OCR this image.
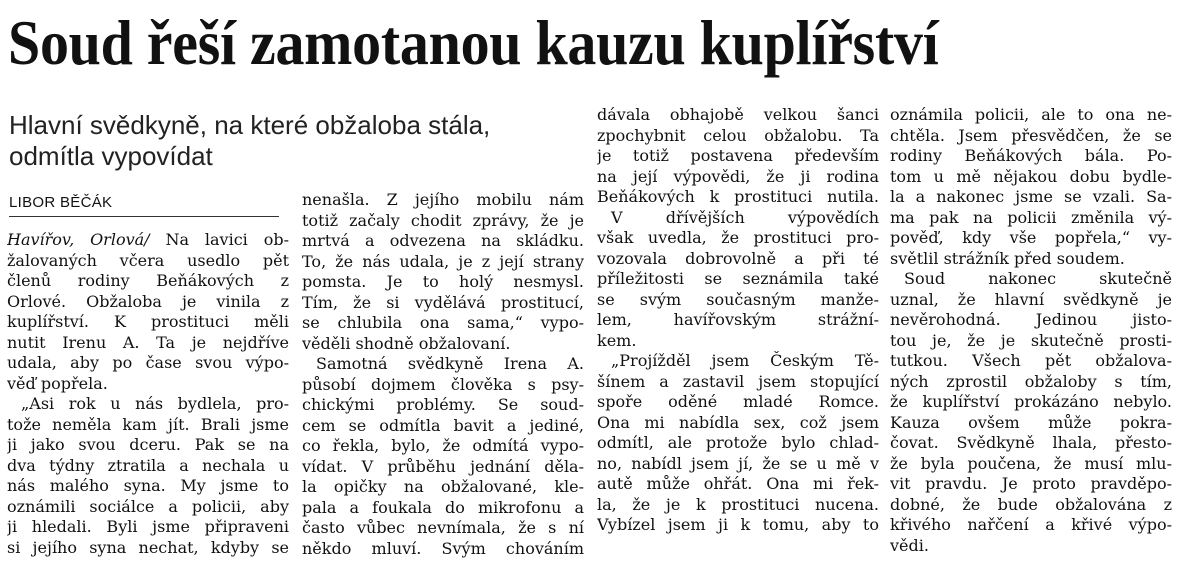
Soud řeší zamotanou kauzu kuplířství
Hlavní svědkyně, na které obžaloba stála,
odmítla vypovídat
LIBOR BĚČÁK
Havířov, Orlová/ Na lavici ob-
žalovaných včera usedlo pět
členů rodiny Beňákových z
Orlové. Obžaloba je vinila z
kuplířství. K prostituci měli
nutit Irenu A. Ta je nejdříve
udala, aby po čase svou výpo-
věď popřela.
„Asi rok u nás bydlela, pro-
tože neměla kam jít. Brali jsme
ji jako svou dceru. Pak se na
dva týdny ztratila a nechala u
nás malého syna. My jsme to
oznámili sociálce a policii, aby
ji hledali. Byli jsme připraveni
si jejího syna nechat, kdyby se
nenašla. Z jejího mobilu nám
totiž začaly chodit zprávy, že je
mrtvá a odvezena na skládku.
To, že nás udala, je z její strany
pomsta. Je to holý nesmysl.
Tím, že si vydělává prostitucí,
se chlubila ona sama,“ vypo-
věděli shodně obžalovaní.
Samotná svědkyně Irena A.
působí dojmem člověka s psy-
chickými problémy. Se soud-
cem se odmítla bavit a jediné,
co řekla, bylo, že odmítá vypo-
vídat. V průběhu jednání děla-
la opičky na obžalované, kle-
pala a foukala do mikrofonu a
často vůbec nevnímala, že s ní
někdo mluví. Svým chováním
dávala obhajobě velkou šanci
zpochybnit celou obžalobu. Ta
je totiž postavena především
na její výpovědi, že ji rodina
Beňákových k prostituci nutila.
V dřívějších výpovědích
však uvedla, že prostituci pro-
vozovala dobrovolně a při té
příležitosti se seznámila také
se svým současným manže-
lem, havířovským strážní-
kem.
„Projížděl jsem Českým Tě-
šínem a zastavil jsem stopující
spoře oděné mladé Romce.
Ona mi nabídla sex, což jsem
odmítl, ale protože bylo chlad-
no, nabídl jsem jí, že se u mě v
autě může ohřát. Ona mi řek-
la, že je k prostituci nucena.
Vybízel jsem ji k tomu, aby to
oznámila policii, ale to ona ne-
chtěla. Jsem přesvědčen, že se
rodiny Beňákových bála. Po-
tom u mě nějakou dobu bydle-
la a nakonec jsme se vzali. Sa-
ma pak na policii změnila vý-
pověď, kdy vše popřela,“ vy-
světlil strážník před soudem.
Soud nakonec skutečně
uznal, že hlavní svědkyně je
nevěrohodná. Jedinou jisto-
tou je, že je skutečně prosti-
tutkou. Všech pět obžalova-
ných zprostil obžaloby s tím,
že kuplířství prokázáno nebylo.
Kauza ovšem může pokra-
čovat. Svědkyně lhala, přesto-
že byla poučena, že musí mlu-
vit pravdu. Je proto pravděpo-
dobné, že bude obžalována z
křivého nařčení a křivé výpo-
vědi.
